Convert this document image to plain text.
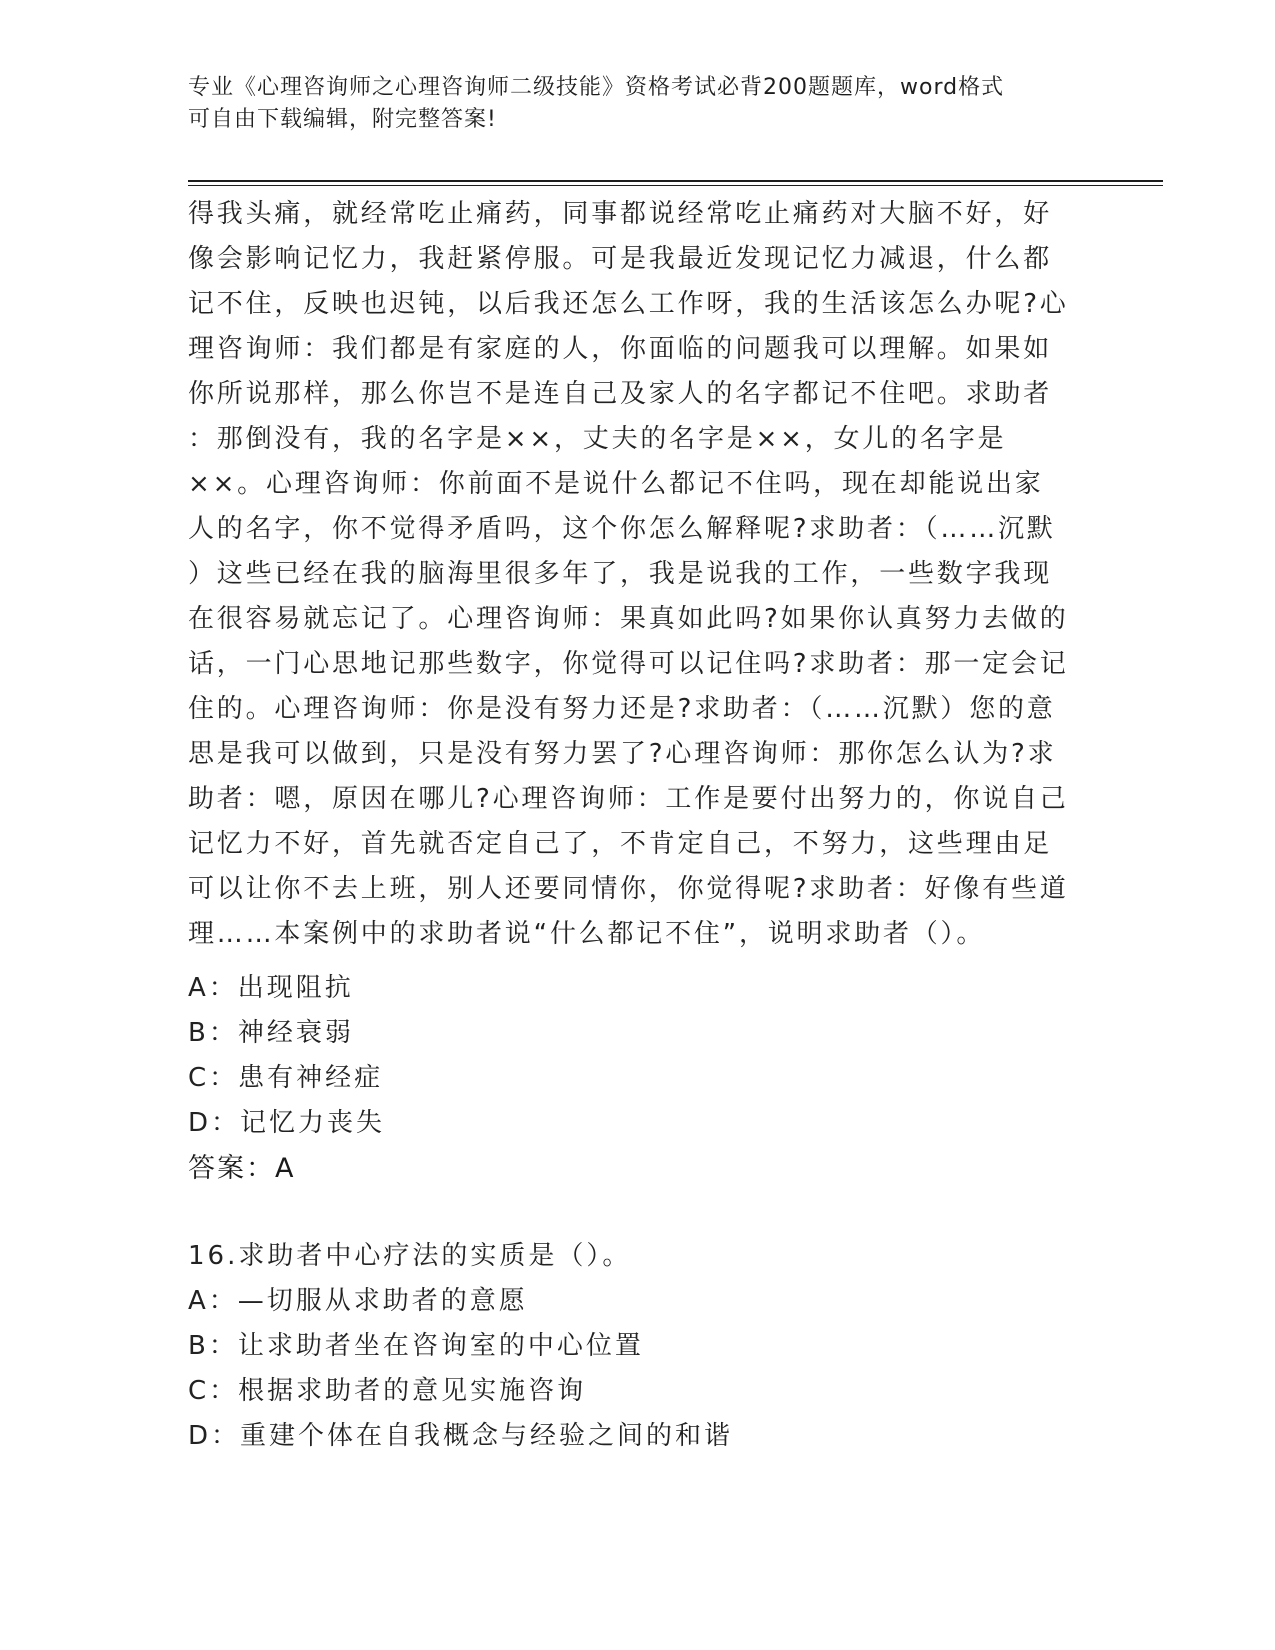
专业《心理咨询师之心理咨询师二级技能》资格考试必背200题题库，word格式
可自由下载编辑，附完整答案!
得我头痛，就经常吃止痛药，同事都说经常吃止痛药对大脑不好，好
像会影响记忆力，我赶紧停服。可是我最近发现记忆力减退，什么都
记不住，反映也迟钝，以后我还怎么工作呀，我的生活该怎么办呢?心
理咨询师：我们都是有家庭的人，你面临的问题我可以理解。如果如
你所说那样，那么你岂不是连自己及家人的名字都记不住吧。求助者
：那倒没有，我的名字是××，丈夫的名字是××，女儿的名字是
××。心理咨询师：你前面不是说什么都记不住吗，现在却能说出家
人的名字，你不觉得矛盾吗，这个你怎么解释呢?求助者：（……沉默
）这些已经在我的脑海里很多年了，我是说我的工作，一些数字我现
在很容易就忘记了。心理咨询师：果真如此吗?如果你认真努力去做的
话，一门心思地记那些数字，你觉得可以记住吗?求助者：那一定会记
住的。心理咨询师：你是没有努力还是?求助者：（……沉默）您的意
思是我可以做到，只是没有努力罢了?心理咨询师：那你怎么认为?求
助者：嗯，原因在哪儿?心理咨询师：工作是要付出努力的，你说自己
记忆力不好，首先就否定自己了，不肯定自己，不努力，这些理由足
可以让你不去上班，别人还要同情你，你觉得呢?求助者：好像有些道
理……本案例中的求助者说“什么都记不住”，说明求助者（）。
A：出现阻抗
B：神经衰弱
C：患有神经症
D：记忆力丧失
答案：A
16.求助者中心疗法的实质是（）。
A：—切服从求助者的意愿
B：让求助者坐在咨询室的中心位置
C：根据求助者的意见实施咨询
D：重建个体在自我概念与经验之间的和谐
